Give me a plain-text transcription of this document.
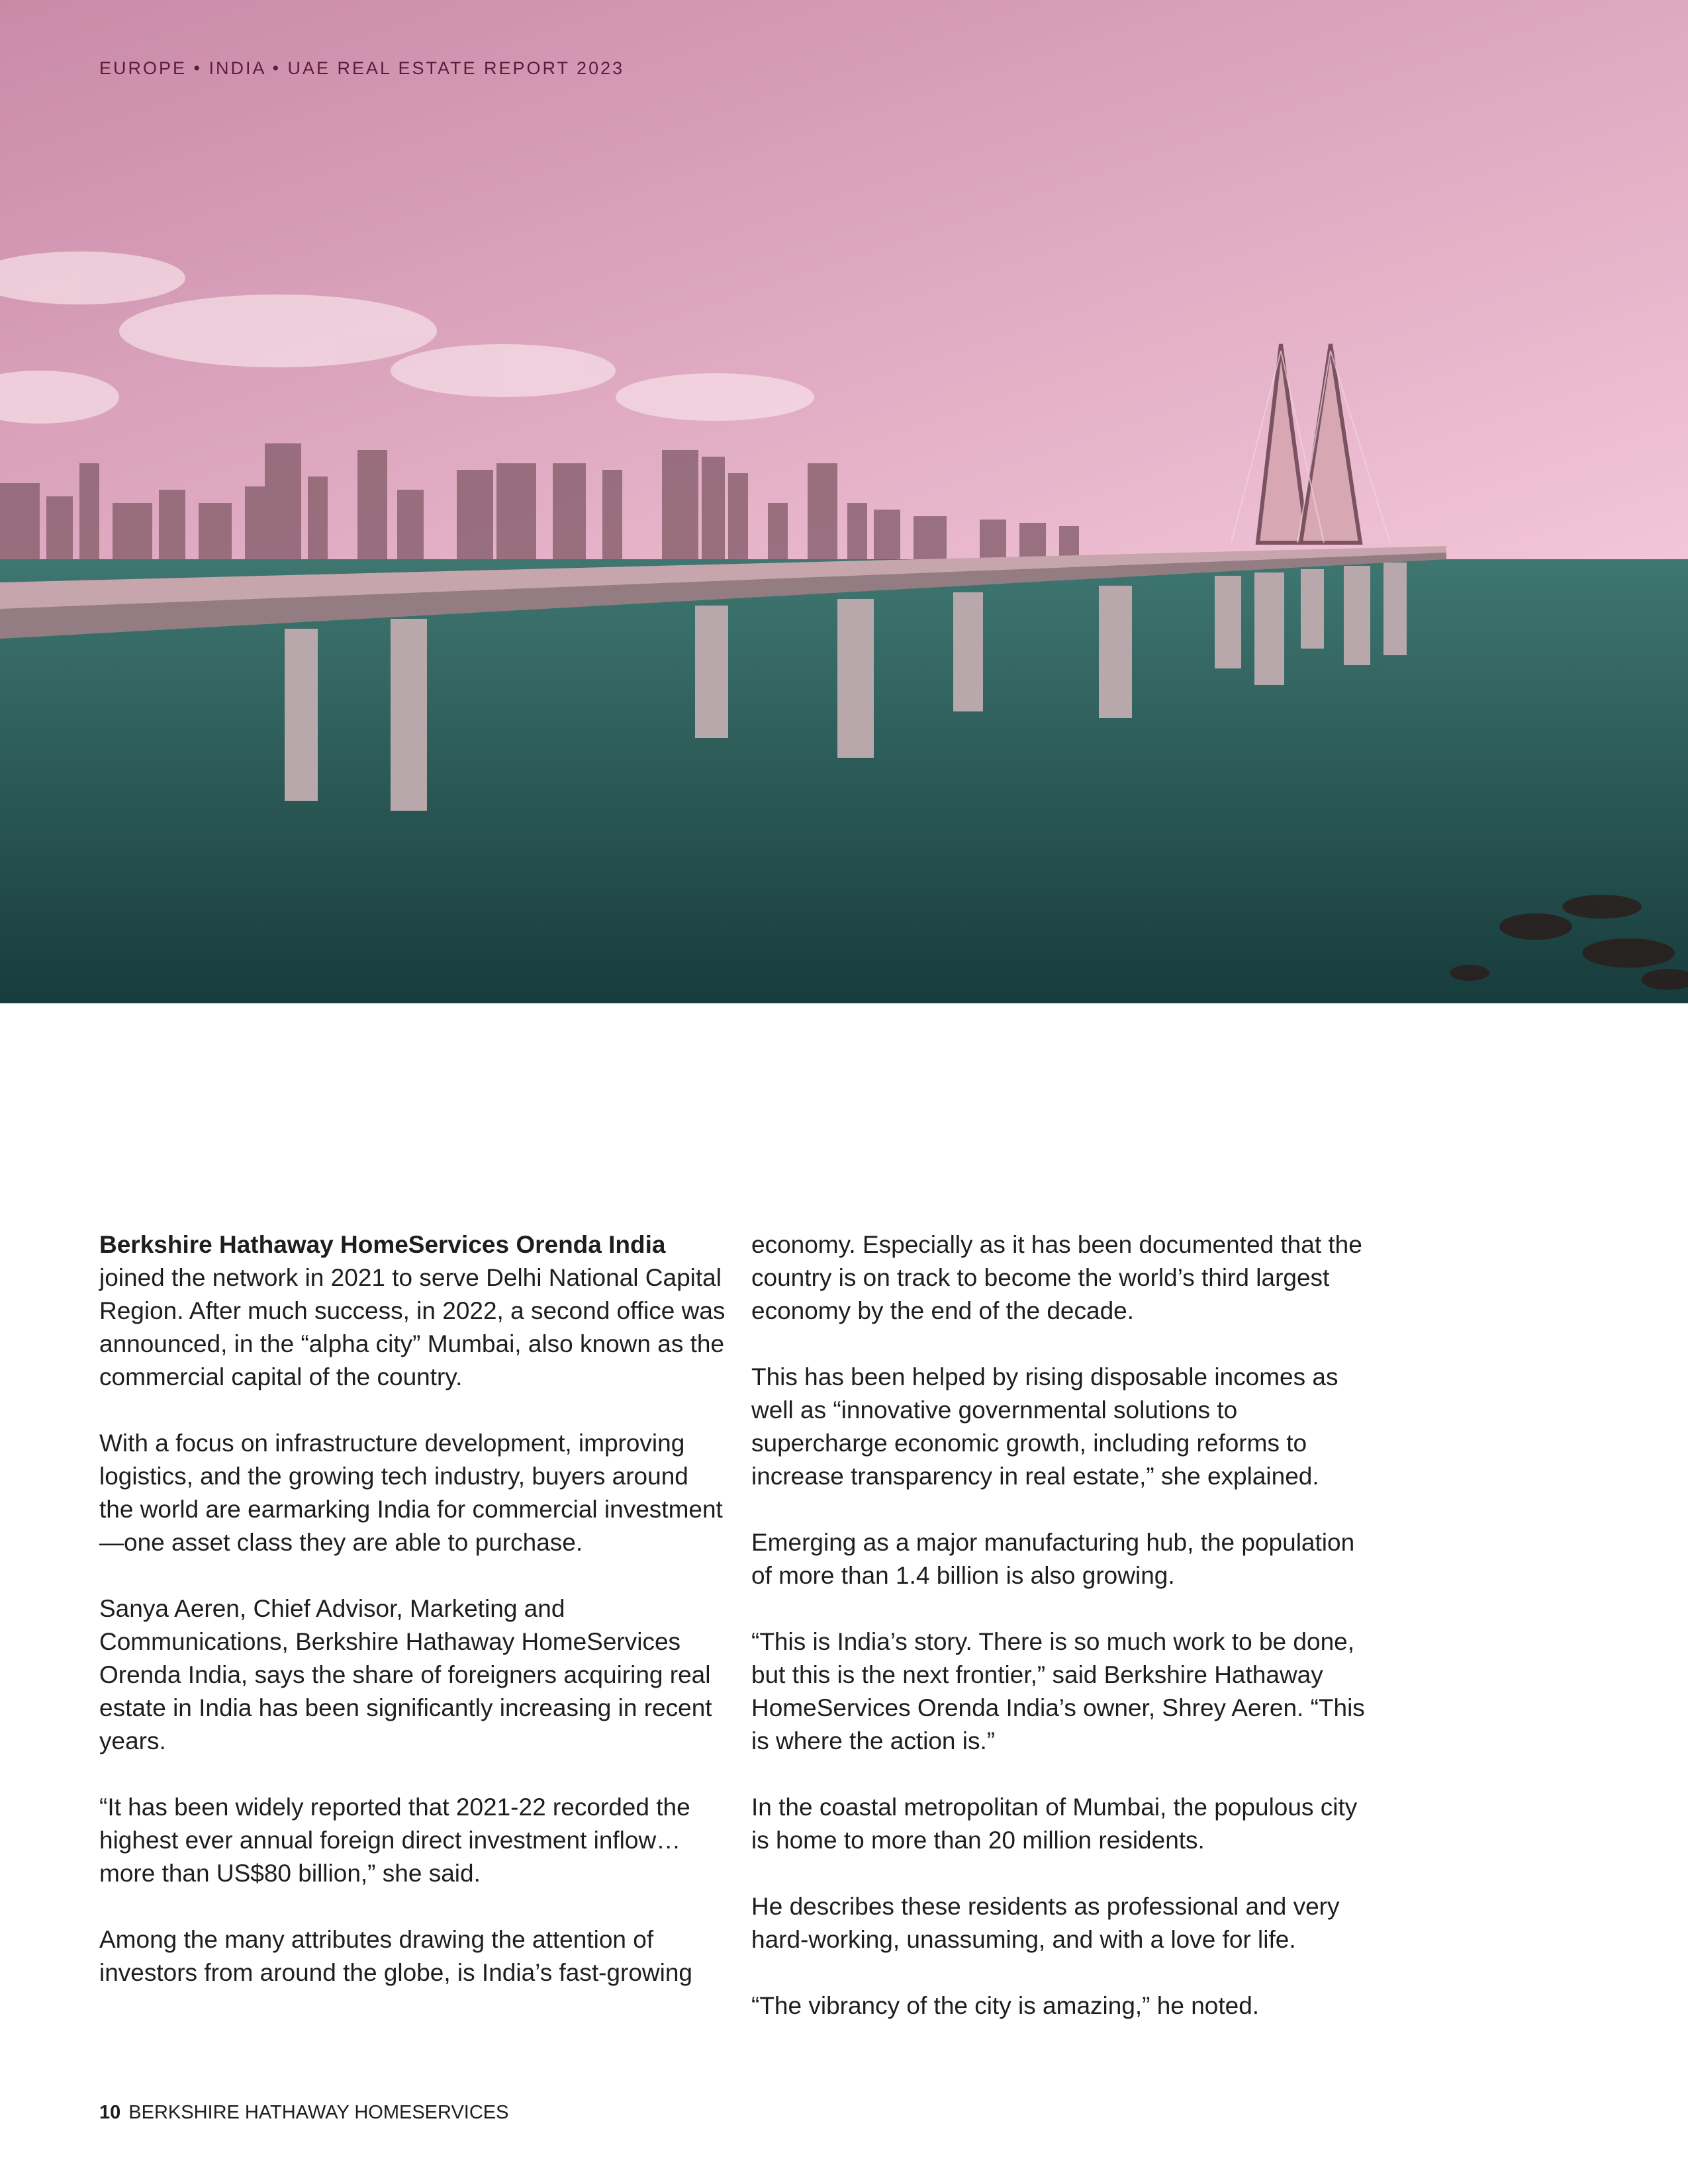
EUROPE • INDIA • UAE REAL ESTATE REPORT 2023

Berkshire Hathaway HomeServices Orenda India joined the network in 2021 to serve Delhi National Capital Region. After much success, in 2022, a second office was announced, in the “alpha city” Mumbai, also known as the commercial capital of the country.

With a focus on infrastructure development, improving logistics, and the growing tech industry, buyers around the world are earmarking India for commercial investment—one asset class they are able to purchase.

Sanya Aeren, Chief Advisor, Marketing and Communications, Berkshire Hathaway HomeServices Orenda India, says the share of foreigners acquiring real estate in India has been significantly increasing in recent years.

“It has been widely reported that 2021-22 recorded the highest ever annual foreign direct investment inflow… more than US$80 billion,” she said.

Among the many attributes drawing the attention of investors from around the globe, is India’s fast-growing

economy. Especially as it has been documented that the country is on track to become the world’s third largest economy by the end of the decade.

This has been helped by rising disposable incomes as well as “innovative governmental solutions to supercharge economic growth, including reforms to increase transparency in real estate,” she explained.

Emerging as a major manufacturing hub, the population of more than 1.4 billion is also growing.

“This is India’s story. There is so much work to be done, but this is the next frontier,” said Berkshire Hathaway HomeServices Orenda India’s owner, Shrey Aeren. “This is where the action is.”

In the coastal metropolitan of Mumbai, the populous city is home to more than 20 million residents.

He describes these residents as professional and very hard-working, unassuming, and with a love for life.

“The vibrancy of the city is amazing,” he noted.

10 BERKSHIRE HATHAWAY HOMESERVICES
